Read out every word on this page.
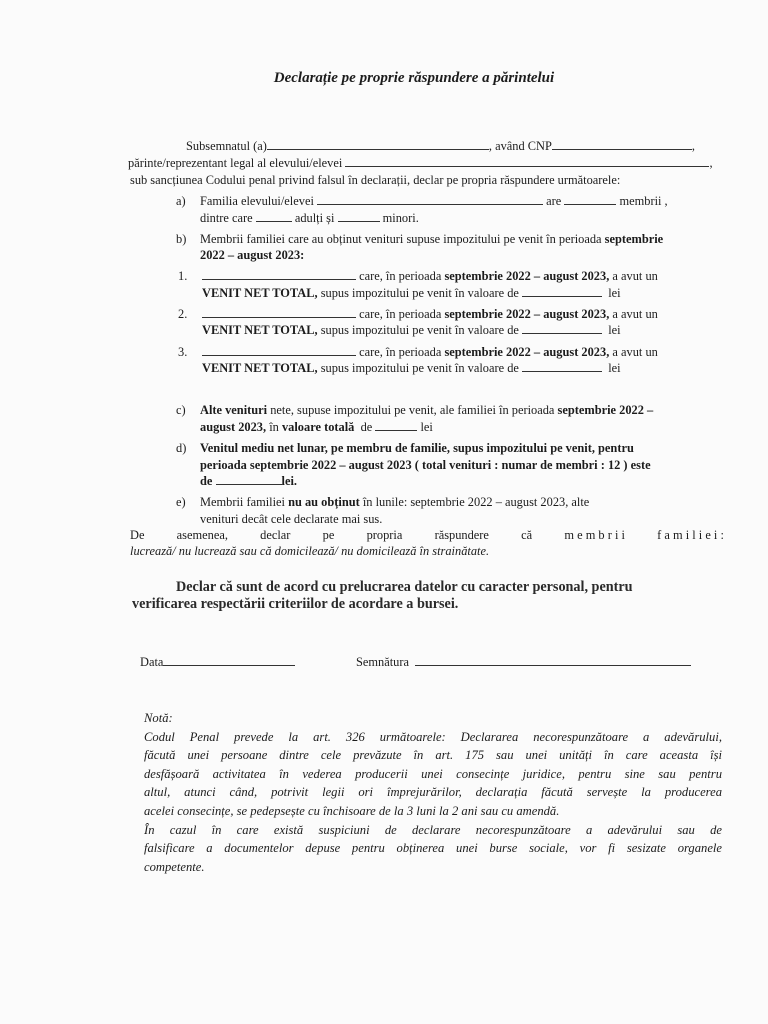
Declarație pe proprie răspundere a părintelui
Subsemnatul (a)	, având CNP	,
părinte/reprezentant legal al elevului/elevei	,
sub sancțiunea Codului penal privind falsul în declarații, declar pe propria răspundere următoarele:
a) Familia elevului/elevei	are	membrii ,
dintre care	adulți și	minori.
b) Membrii familiei care au obținut venituri supuse impozitului pe venit în perioada septembrie
2022 – august 2023:
1.	care, în perioada septembrie 2022 – august 2023, a avut un
VENIT NET TOTAL, supus impozitului pe venit în valoare de	lei
2.	care, în perioada septembrie 2022 – august 2023, a avut un
VENIT NET TOTAL, supus impozitului pe venit în valoare de	lei
3.	care, în perioada septembrie 2022 – august 2023, a avut un
VENIT NET TOTAL, supus impozitului pe venit în valoare de	lei
c) Alte venituri nete, supuse impozitului pe venit, ale familiei în perioada septembrie 2022 –
august 2023, în valoare totală de	lei
d) Venitul mediu net lunar, pe membru de familie, supus impozitului pe venit, pentru
perioada septembrie 2022 – august 2023 ( total venituri : numar de membri : 12 ) este
de	lei.
e) Membrii familiei nu au obținut în lunile: septembrie 2022 – august 2023, alte
venituri decât cele declarate mai sus.
De	asemenea,	declar	pe	propria	răspundere	că	m e m b r i i	f a m i l i e i :
lucrează/ nu lucrează sau că domicilează/ nu domicilează în strainătate.
Declar că sunt de acord cu prelucrarea datelor cu caracter personal, pentru
verificarea respectării criteriilor de acordare a bursei.
Data	Semnătura
Notă:
Codul Penal prevede la art. 326 următoarele: Declararea necorespunzătoare a adevărului,
făcută unei persoane dintre cele prevăzute în art. 175 sau unei unități în care aceasta își
desfășoară activitatea în vederea producerii unei consecințe juridice, pentru sine sau pentru
altul, atunci când, potrivit legii ori împrejurărilor, declarația făcută servește la producerea
acelei consecințe, se pedepsește cu închisoare de la 3 luni la 2 ani sau cu amendă.
În cazul în care există suspiciuni de declarare necorespunzătoare a adevărului sau de
falsificare a documentelor depuse pentru obținerea unei burse sociale, vor fi sesizate organele
competente.
